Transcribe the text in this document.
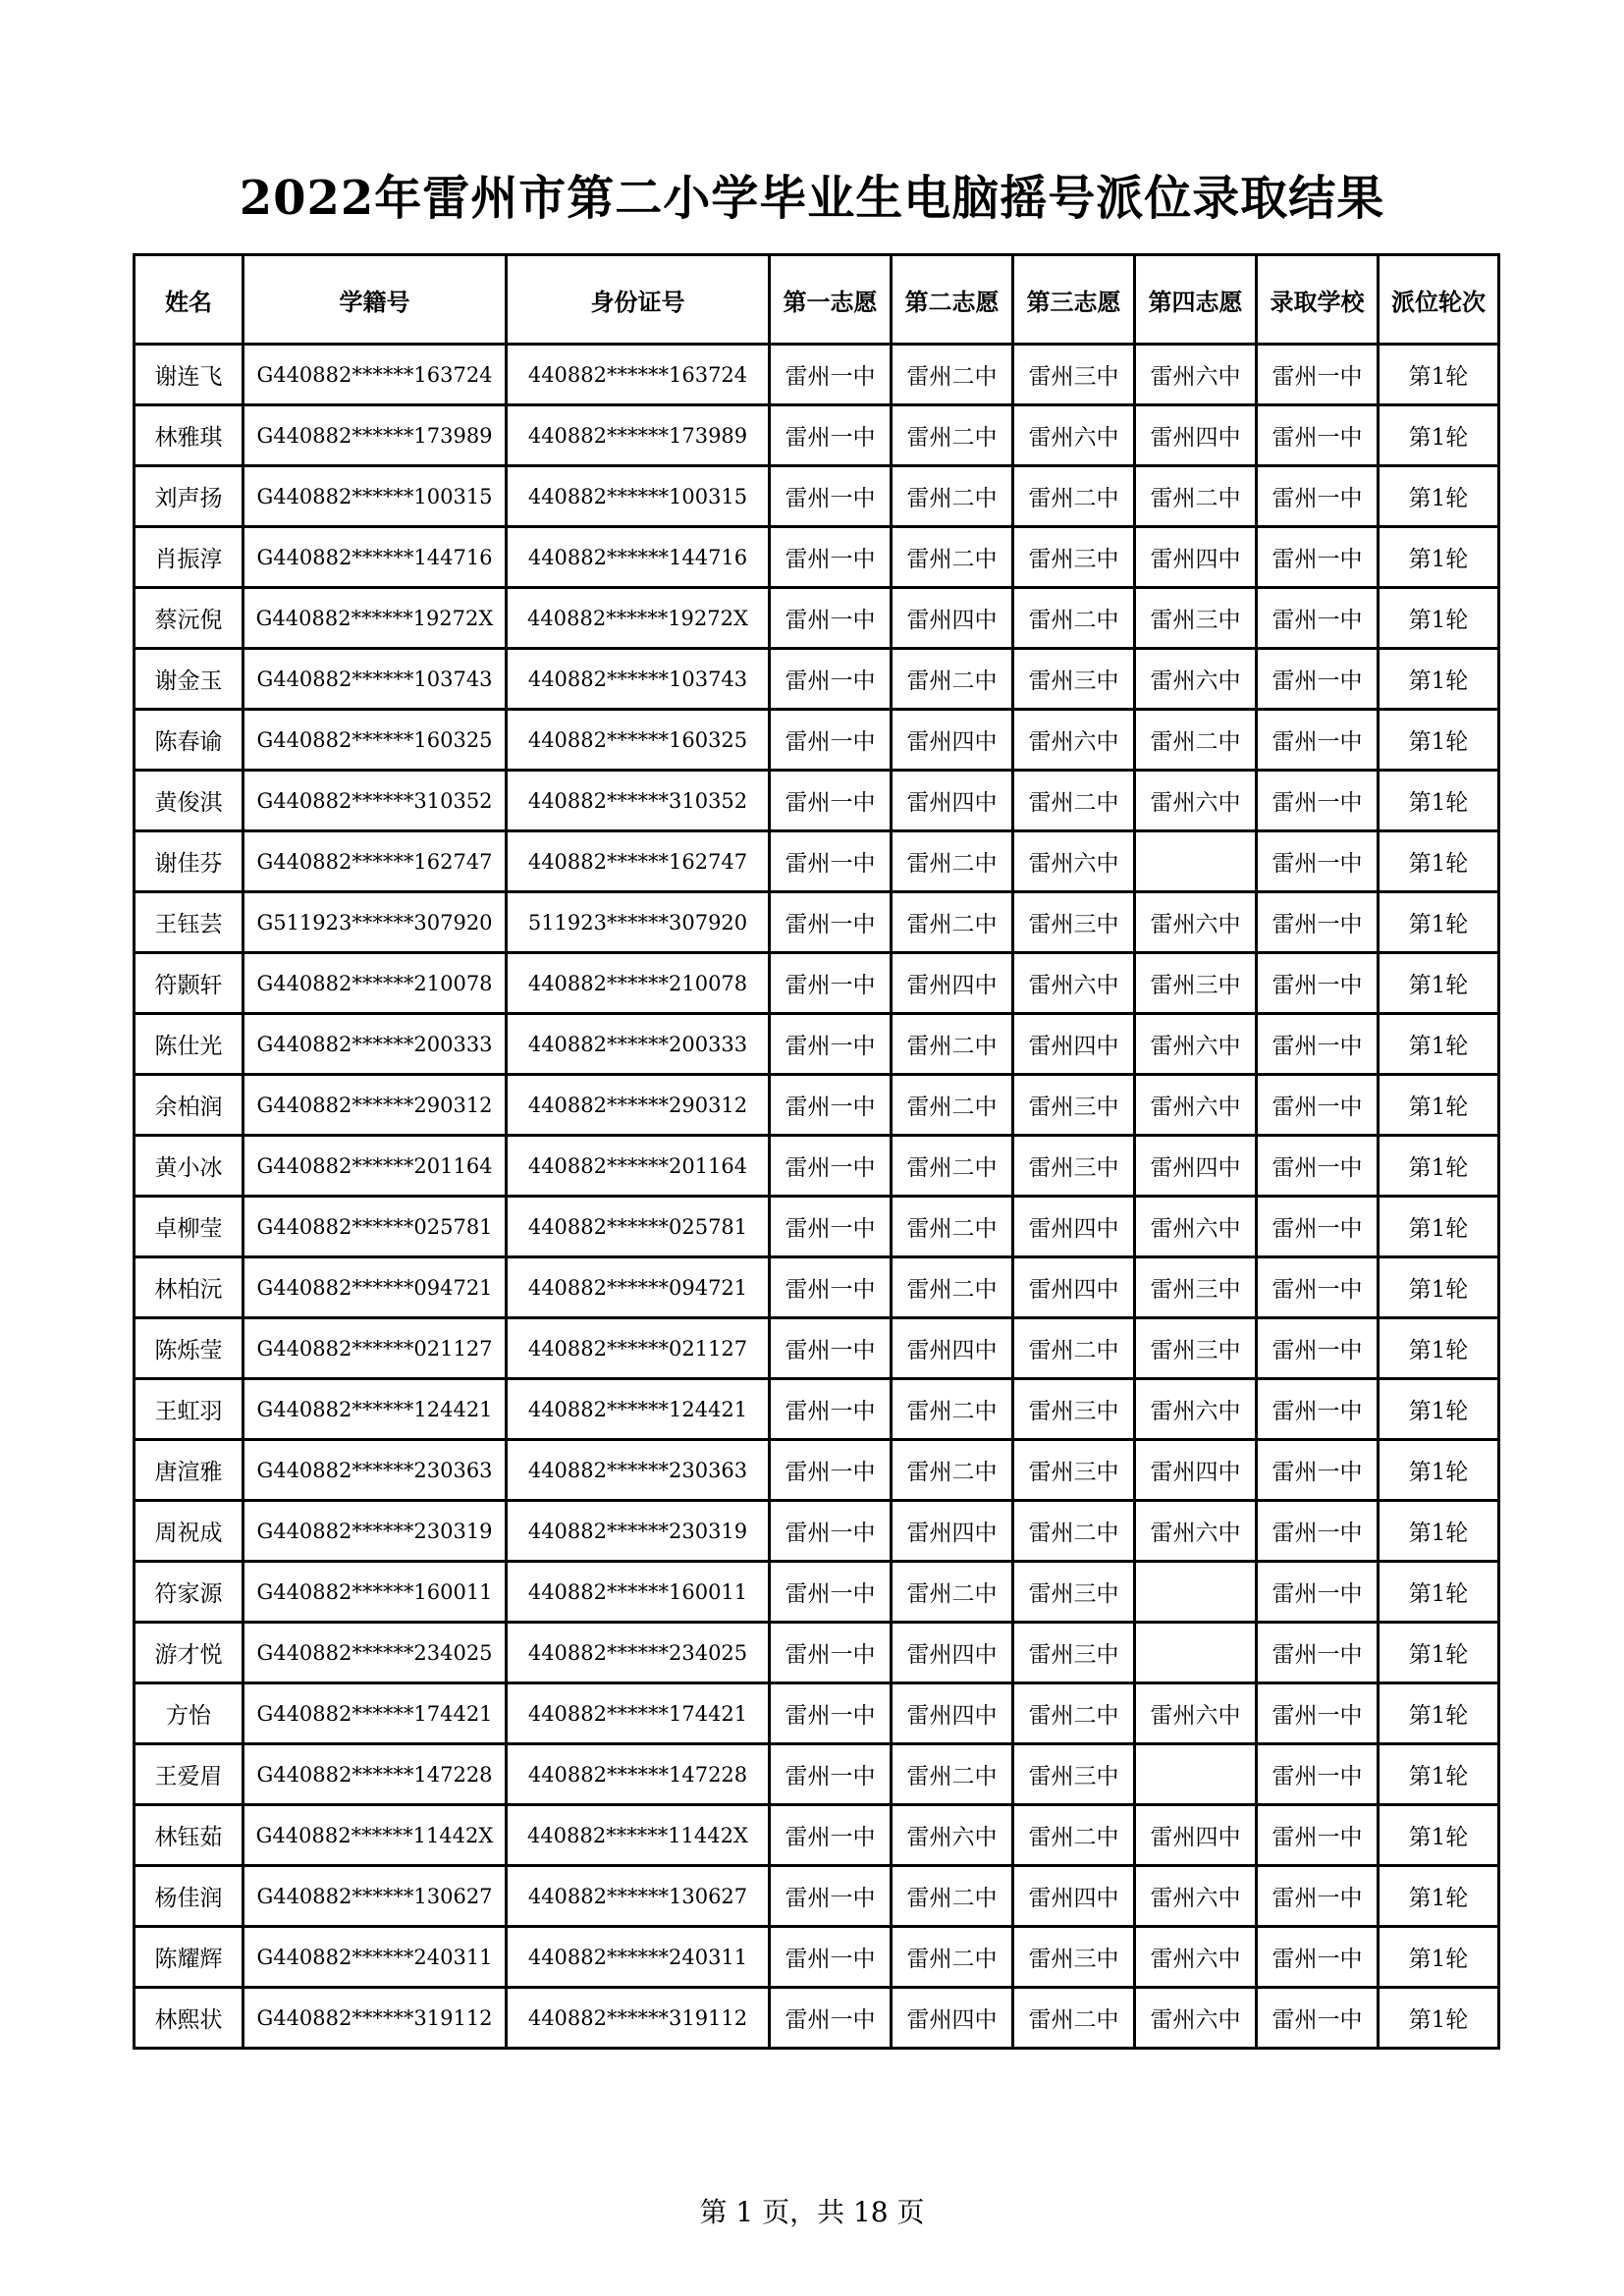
2022年雷州市第二小学毕业生电脑摇号派位录取结果
姓名	学籍号	身份证号	第一志愿	第二志愿	第三志愿	第四志愿	录取学校	派位轮次
谢连飞	G440882******163724	440882******163724	雷州一中	雷州二中	雷州三中	雷州六中	雷州一中	第1轮
林雅琪	G440882******173989	440882******173989	雷州一中	雷州二中	雷州六中	雷州四中	雷州一中	第1轮
刘声扬	G440882******100315	440882******100315	雷州一中	雷州二中	雷州二中	雷州二中	雷州一中	第1轮
肖振淳	G440882******144716	440882******144716	雷州一中	雷州二中	雷州三中	雷州四中	雷州一中	第1轮
蔡沅倪	G440882******19272X	440882******19272X	雷州一中	雷州四中	雷州二中	雷州三中	雷州一中	第1轮
谢金玉	G440882******103743	440882******103743	雷州一中	雷州二中	雷州三中	雷州六中	雷州一中	第1轮
陈春谕	G440882******160325	440882******160325	雷州一中	雷州四中	雷州六中	雷州二中	雷州一中	第1轮
黄俊淇	G440882******310352	440882******310352	雷州一中	雷州四中	雷州二中	雷州六中	雷州一中	第1轮
谢佳芬	G440882******162747	440882******162747	雷州一中	雷州二中	雷州六中		雷州一中	第1轮
王钰芸	G511923******307920	511923******307920	雷州一中	雷州二中	雷州三中	雷州六中	雷州一中	第1轮
符颢轩	G440882******210078	440882******210078	雷州一中	雷州四中	雷州六中	雷州三中	雷州一中	第1轮
陈仕光	G440882******200333	440882******200333	雷州一中	雷州二中	雷州四中	雷州六中	雷州一中	第1轮
余柏润	G440882******290312	440882******290312	雷州一中	雷州二中	雷州三中	雷州六中	雷州一中	第1轮
黄小冰	G440882******201164	440882******201164	雷州一中	雷州二中	雷州三中	雷州四中	雷州一中	第1轮
卓柳莹	G440882******025781	440882******025781	雷州一中	雷州二中	雷州四中	雷州六中	雷州一中	第1轮
林柏沅	G440882******094721	440882******094721	雷州一中	雷州二中	雷州四中	雷州三中	雷州一中	第1轮
陈烁莹	G440882******021127	440882******021127	雷州一中	雷州四中	雷州二中	雷州三中	雷州一中	第1轮
王虹羽	G440882******124421	440882******124421	雷州一中	雷州二中	雷州三中	雷州六中	雷州一中	第1轮
唐渲雅	G440882******230363	440882******230363	雷州一中	雷州二中	雷州三中	雷州四中	雷州一中	第1轮
周祝成	G440882******230319	440882******230319	雷州一中	雷州四中	雷州二中	雷州六中	雷州一中	第1轮
符家源	G440882******160011	440882******160011	雷州一中	雷州二中	雷州三中		雷州一中	第1轮
游才悦	G440882******234025	440882******234025	雷州一中	雷州四中	雷州三中		雷州一中	第1轮
方怡	G440882******174421	440882******174421	雷州一中	雷州四中	雷州二中	雷州六中	雷州一中	第1轮
王爱眉	G440882******147228	440882******147228	雷州一中	雷州二中	雷州三中		雷州一中	第1轮
林钰茹	G440882******11442X	440882******11442X	雷州一中	雷州六中	雷州二中	雷州四中	雷州一中	第1轮
杨佳润	G440882******130627	440882******130627	雷州一中	雷州二中	雷州四中	雷州六中	雷州一中	第1轮
陈耀辉	G440882******240311	440882******240311	雷州一中	雷州二中	雷州三中	雷州六中	雷州一中	第1轮
林熙状	G440882******319112	440882******319112	雷州一中	雷州四中	雷州二中	雷州六中	雷州一中	第1轮
第 1 页，共 18 页
